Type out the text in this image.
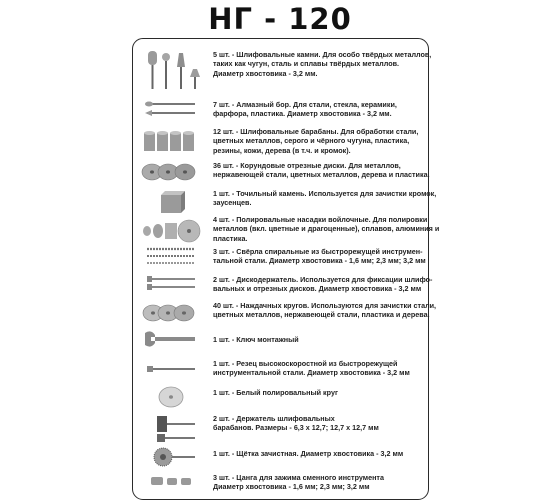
НГ - 120
5 шт. - Шлифовальные камни. Для особо твёрдых металлов,
таких как чугун, сталь и сплавы твёрдых металлов.
Диаметр хвостовика - 3,2 мм.
7 шт. - Алмазный бор. Для стали, стекла, керамики,
фарфора, пластика. Диаметр хвостовика - 3,2 мм.
12 шт. - Шлифовальные барабаны. Для обработки стали,
цветных металлов, серого и чёрного чугуна, пластика,
резины, кожи, дерева (в т.ч. и кромок).
36 шт. - Корундовые отрезные диски. Для металлов,
нержавеющей стали, цветных металлов, дерева и пластика.
1 шт. - Точильный камень. Используется для зачистки кромок,
заусенцев.
4 шт. - Полировальные насадки войлочные. Для полировки
металлов (вкл. цветные и драгоценные), сплавов, алюминия и
пластика.
3 шт. - Свёрла спиральные из быстрорежущей инструмен-
тальной стали. Диаметр хвостовика - 1,6 мм; 2,3 мм; 3,2 мм
2 шт. - Дискодержатель. Используется для фиксации шлифо-
вальных и отрезных дисков. Диаметр хвостовика - 3,2 мм
40 шт. - Наждачных кругов. Используются для зачистки стали,
цветных металлов, нержавеющей стали, пластика и дерева.
1 шт. - Ключ монтажный
1 шт. - Резец высокоскоростной из быстрорежущей
инструментальной стали. Диаметр хвостовика - 3,2 мм
1 шт. - Белый полировальный круг
2 шт. - Держатель шлифовальных
барабанов. Размеры - 6,3 х 12,7; 12,7 х 12,7 мм
1 шт. - Щётка зачистная. Диаметр хвостовика - 3,2 мм
3 шт. - Цанга для зажима сменного инструмента
Диаметр хвостовика - 1,6 мм; 2,3 мм; 3,2 мм
